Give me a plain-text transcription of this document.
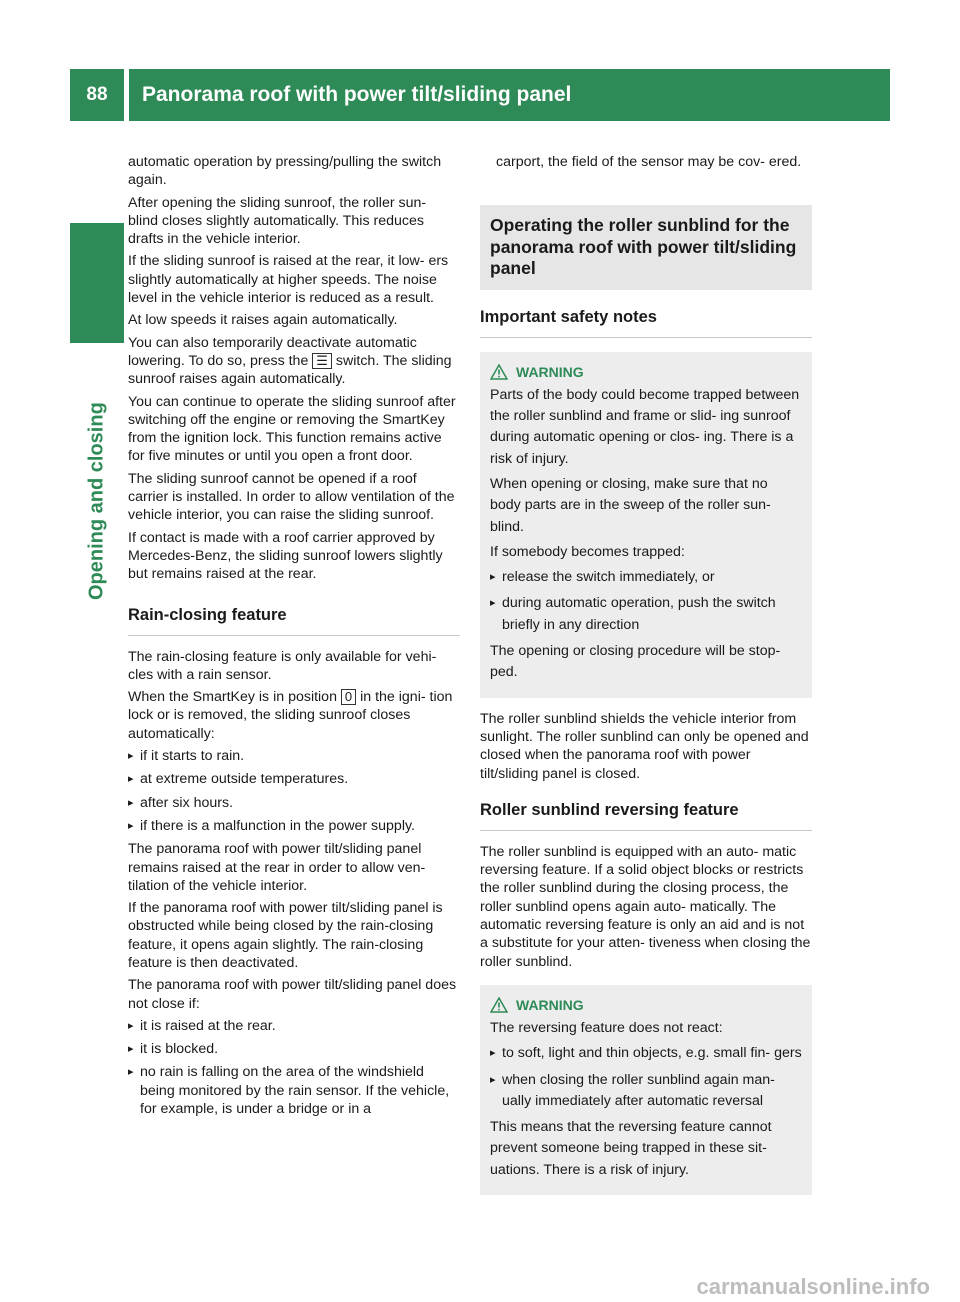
88	Panorama roof with power tilt/sliding panel
Opening and closing

automatic operation by pressing/pulling the switch again.

After opening the sliding sunroof, the roller sun- blind closes slightly automatically. This reduces drafts in the vehicle interior.

If the sliding sunroof is raised at the rear, it low- ers slightly automatically at higher speeds. The noise level in the vehicle interior is reduced as a result.

At low speeds it raises again automatically.

You can also temporarily deactivate automatic lowering. To do so, press the ☰ switch. The sliding sunroof raises again automatically.

You can continue to operate the sliding sunroof after switching off the engine or removing the SmartKey from the ignition lock. This function remains active for five minutes or until you open a front door.

The sliding sunroof cannot be opened if a roof carrier is installed. In order to allow ventilation of the vehicle interior, you can raise the sliding sunroof.

If contact is made with a roof carrier approved by Mercedes-Benz, the sliding sunroof lowers slightly but remains raised at the rear.

Rain-closing feature

The rain-closing feature is only available for vehi- cles with a rain sensor.

When the SmartKey is in position 0 in the igni- tion lock or is removed, the sliding sunroof closes automatically:

▸ if it starts to rain.
▸ at extreme outside temperatures.
▸ after six hours.
▸ if there is a malfunction in the power supply.

The panorama roof with power tilt/sliding panel remains raised at the rear in order to allow ven- tilation of the vehicle interior.

If the panorama roof with power tilt/sliding panel is obstructed while being closed by the rain-closing feature, it opens again slightly. The rain-closing feature is then deactivated.

The panorama roof with power tilt/sliding panel does not close if:

▸ it is raised at the rear.
▸ it is blocked.
▸ no rain is falling on the area of the windshield being monitored by the rain sensor. If the vehicle, for example, is under a bridge or in a

carport, the field of the sensor may be cov- ered.

Operating the roller sunblind for the panorama roof with power tilt/sliding panel
Important safety notes
WARNING

Parts of the body could become trapped between the roller sunblind and frame or slid- ing sunroof during automatic opening or clos- ing. There is a risk of injury.

When opening or closing, make sure that no body parts are in the sweep of the roller sun- blind.

If somebody becomes trapped:

▸ release the switch immediately, or
▸ during automatic operation, push the switch briefly in any direction

The opening or closing procedure will be stop- ped.

The roller sunblind shields the vehicle interior from sunlight. The roller sunblind can only be opened and closed when the panorama roof with power tilt/sliding panel is closed.

Roller sunblind reversing feature

The roller sunblind is equipped with an auto- matic reversing feature. If a solid object blocks or restricts the roller sunblind during the closing process, the roller sunblind opens again auto- matically. The automatic reversing feature is only an aid and is not a substitute for your atten- tiveness when closing the roller sunblind.

WARNING

The reversing feature does not react:

▸ to soft, light and thin objects, e.g. small fin- gers
▸ when closing the roller sunblind again man- ually immediately after automatic reversal

This means that the reversing feature cannot prevent someone being trapped in these sit- uations. There is a risk of injury.

carmanualsonline.info
